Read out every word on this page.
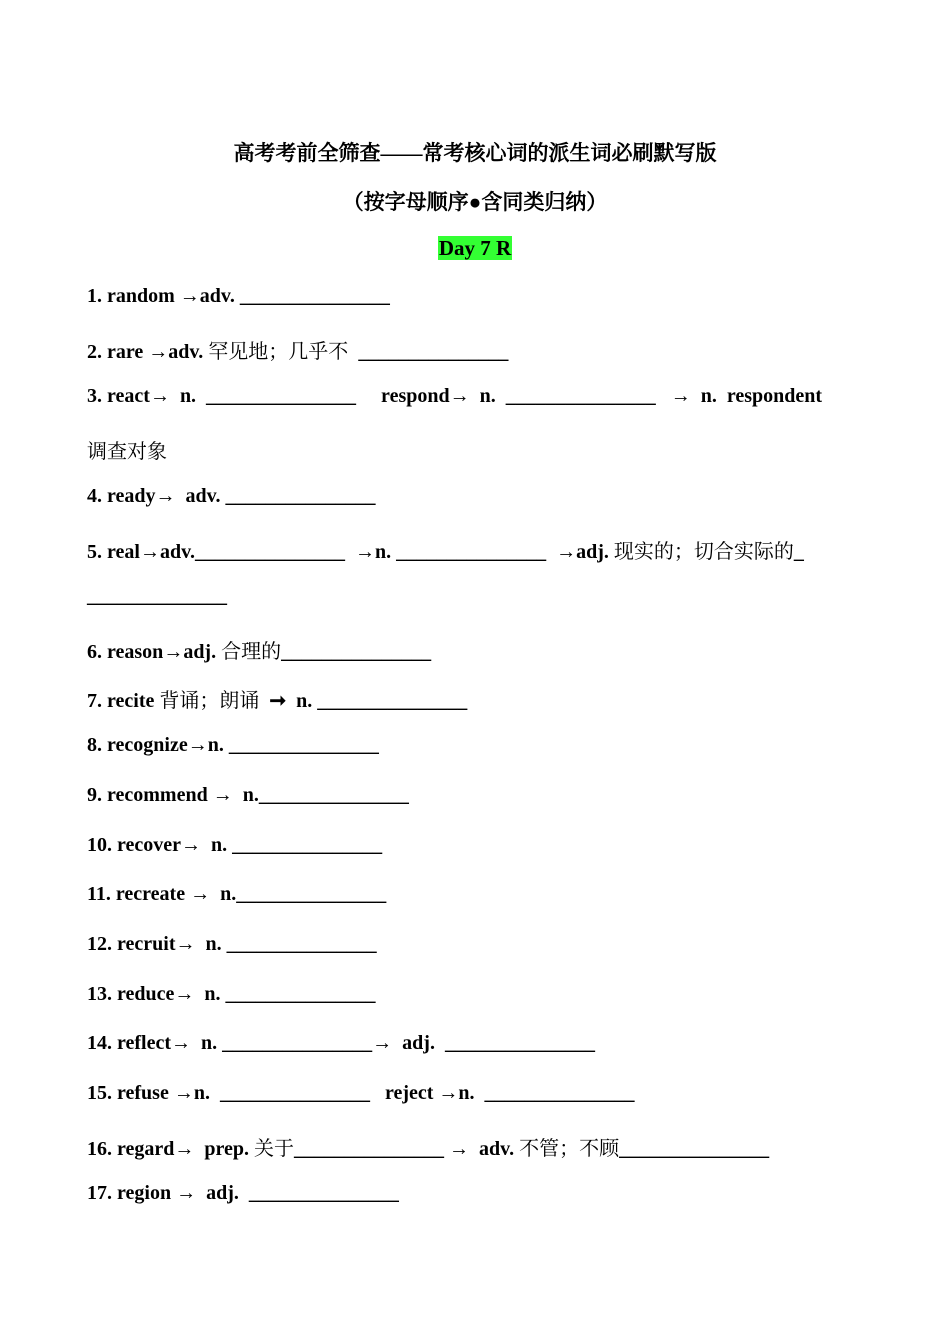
高考考前全筛查——常考核心词的派生词必刷默写版
（按字母顺序●含同类归纳）
Day 7 R
1. random →adv. _______________
2. rare →adv. 罕见地；几乎不  _______________
3. react→  n.  _______________     respond→  n.  _______________   →  n.  respondent
调查对象
4. ready→  adv. _______________
5. real→adv._______________  →n. _______________  →adj. 现实的；切合实际的_
______________
6. reason→adj. 合理的_______________
7. recite 背诵；朗诵  ➞  n. _______________
8. recognize→n. _______________
9. recommend →  n._______________
10. recover→  n. _______________
11. recreate →  n._______________
12. recruit→  n. _______________
13. reduce→  n. _______________
14. reflect→  n. _______________→  adj.  _______________
15. refuse →n.  _______________   reject →n.  _______________
16. regard→  prep. 关于_______________ →  adv. 不管；不顾_______________
17. region →  adj.  _______________
